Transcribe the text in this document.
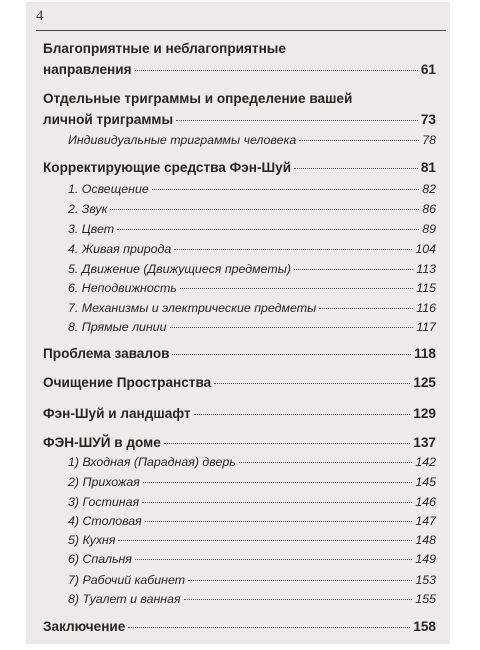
4
Благоприятные и неблагоприятные
направления	61
Отдельные триграммы и определение вашей
личной триграммы	73
Индивидуальные триграммы человека	78
Корректирующие средства Фэн-Шуй	81
1. Освещение	82
2. Звук	86
3. Цвет	89
4. Живая природа	104
5. Движение (Движущиеся предметы)	113
6. Неподвижность	115
7. Механизмы и электрические предметы	116
8. Прямые линии	117
Проблема завалов	118
Очищение Пространства	125
Фэн-Шуй и ландшафт	129
ФЭН-ШУЙ в доме	137
1) Входная (Парадная) дверь	142
2) Прихожая	145
3) Гостиная	146
4) Столовая	147
5) Кухня	148
6) Спальня	149
7) Рабочий кабинет	153
8) Туалет и ванная	155
Заключение	158
